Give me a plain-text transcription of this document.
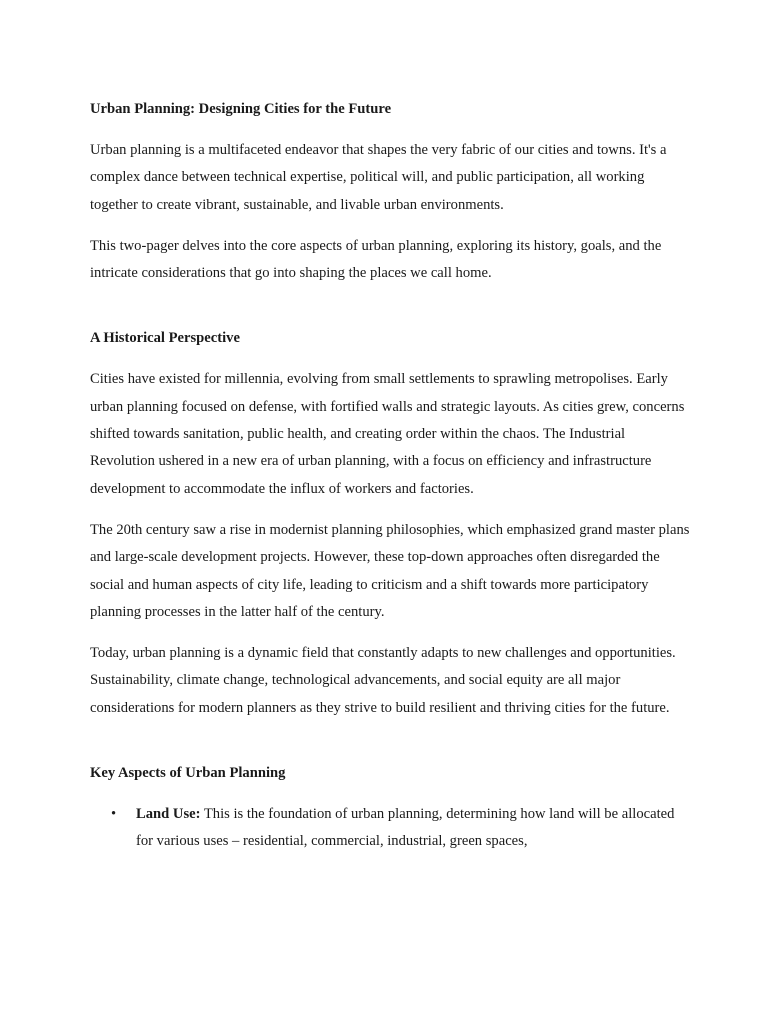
Urban Planning: Designing Cities for the Future

Urban planning is a multifaceted endeavor that shapes the very fabric of our cities and towns. It's a complex dance between technical expertise, political will, and public participation, all working together to create vibrant, sustainable, and livable urban environments.

This two-pager delves into the core aspects of urban planning, exploring its history, goals, and the intricate considerations that go into shaping the places we call home.

A Historical Perspective

Cities have existed for millennia, evolving from small settlements to sprawling metropolises. Early urban planning focused on defense, with fortified walls and strategic layouts. As cities grew, concerns shifted towards sanitation, public health, and creating order within the chaos. The Industrial Revolution ushered in a new era of urban planning, with a focus on efficiency and infrastructure development to accommodate the influx of workers and factories.

The 20th century saw a rise in modernist planning philosophies, which emphasized grand master plans and large-scale development projects. However, these top-down approaches often disregarded the social and human aspects of city life, leading to criticism and a shift towards more participatory planning processes in the latter half of the century.

Today, urban planning is a dynamic field that constantly adapts to new challenges and opportunities. Sustainability, climate change, technological advancements, and social equity are all major considerations for modern planners as they strive to build resilient and thriving cities for the future.

Key Aspects of Urban Planning
• Land Use: This is the foundation of urban planning, determining how land will be allocated for various uses – residential, commercial, industrial, green spaces,
